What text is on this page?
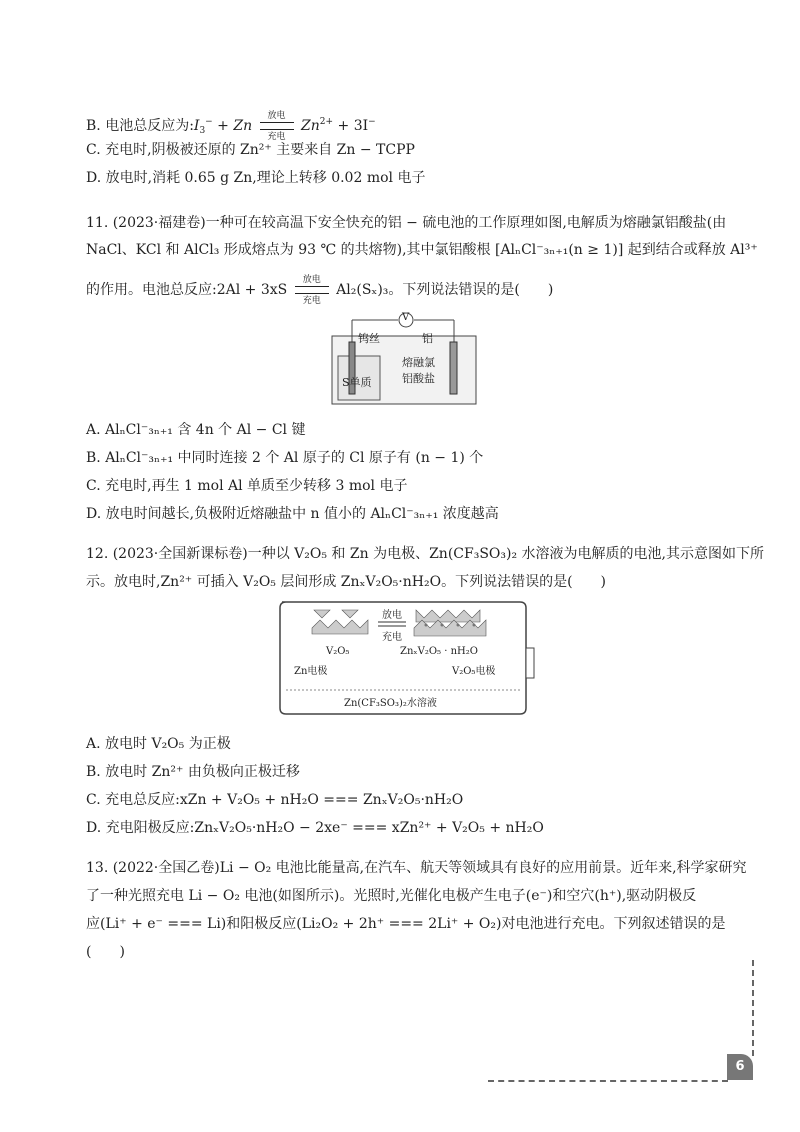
B. 电池总反应为$:I_3^- + Zn$
放电
充电
$Zn^{2+} + 3I^-$
C. 充电时,阴极被还原的 Zn²⁺ 主要来自 Zn − TCPP
D. 放电时,消耗 0.65 g Zn,理论上转移 0.02 mol 电子
11. (2023·福建卷)一种可在较高温下安全快充的铝 − 硫电池的工作原理如图,电解质为熔融氯铝酸盐(由
NaCl、KCl 和 AlCl₃ 形成熔点为 93 ℃ 的共熔物),其中氯铝酸根 [AlₙCl⁻₃ₙ₊₁(n ≥ 1)] 起到结合或释放 Al³⁺
的作用。电池总反应:2Al + 3xS
放电
充电
Al₂(Sₓ)₃。下列说法错误的是(　　)
V
钨丝	铝
S单质
熔融氯
铝酸盐
A. AlₙCl⁻₃ₙ₊₁ 含 4n 个 Al − Cl 键
B. AlₙCl⁻₃ₙ₊₁ 中同时连接 2 个 Al 原子的 Cl 原子有 (n − 1) 个
C. 充电时,再生 1 mol Al 单质至少转移 3 mol 电子
D. 放电时间越长,负极附近熔融盐中 n 值小的 AlₙCl⁻₃ₙ₊₁ 浓度越高
12. (2023·全国新课标卷)一种以 V₂O₅ 和 Zn 为电极、Zn(CF₃SO₃)₂ 水溶液为电解质的电池,其示意图如下所
示。放电时,Zn²⁺ 可插入 V₂O₅ 层间形成 ZnₓV₂O₅·nH₂O。下列说法错误的是(　　)
放电
充电
V₂O₅
Zn电极
ZnₓV₂O₅ · nH₂O
V₂O₅电极
Zn(CF₃SO₃)₂水溶液
A. 放电时 V₂O₅ 为正极
B. 放电时 Zn²⁺ 由负极向正极迁移
C. 充电总反应:xZn + V₂O₅ + nH₂O === ZnₓV₂O₅·nH₂O
D. 充电阳极反应:ZnₓV₂O₅·nH₂O − 2xe⁻ === xZn²⁺ + V₂O₅ + nH₂O
13. (2022·全国乙卷)Li − O₂ 电池比能量高,在汽车、航天等领域具有良好的应用前景。近年来,科学家研究
了一种光照充电 Li − O₂ 电池(如图所示)。光照时,光催化电极产生电子(e⁻)和空穴(h⁺),驱动阴极反
应(Li⁺ + e⁻ === Li)和阳极反应(Li₂O₂ + 2h⁺ === 2Li⁺ + O₂)对电池进行充电。下列叙述错误的是
(　　)
6
